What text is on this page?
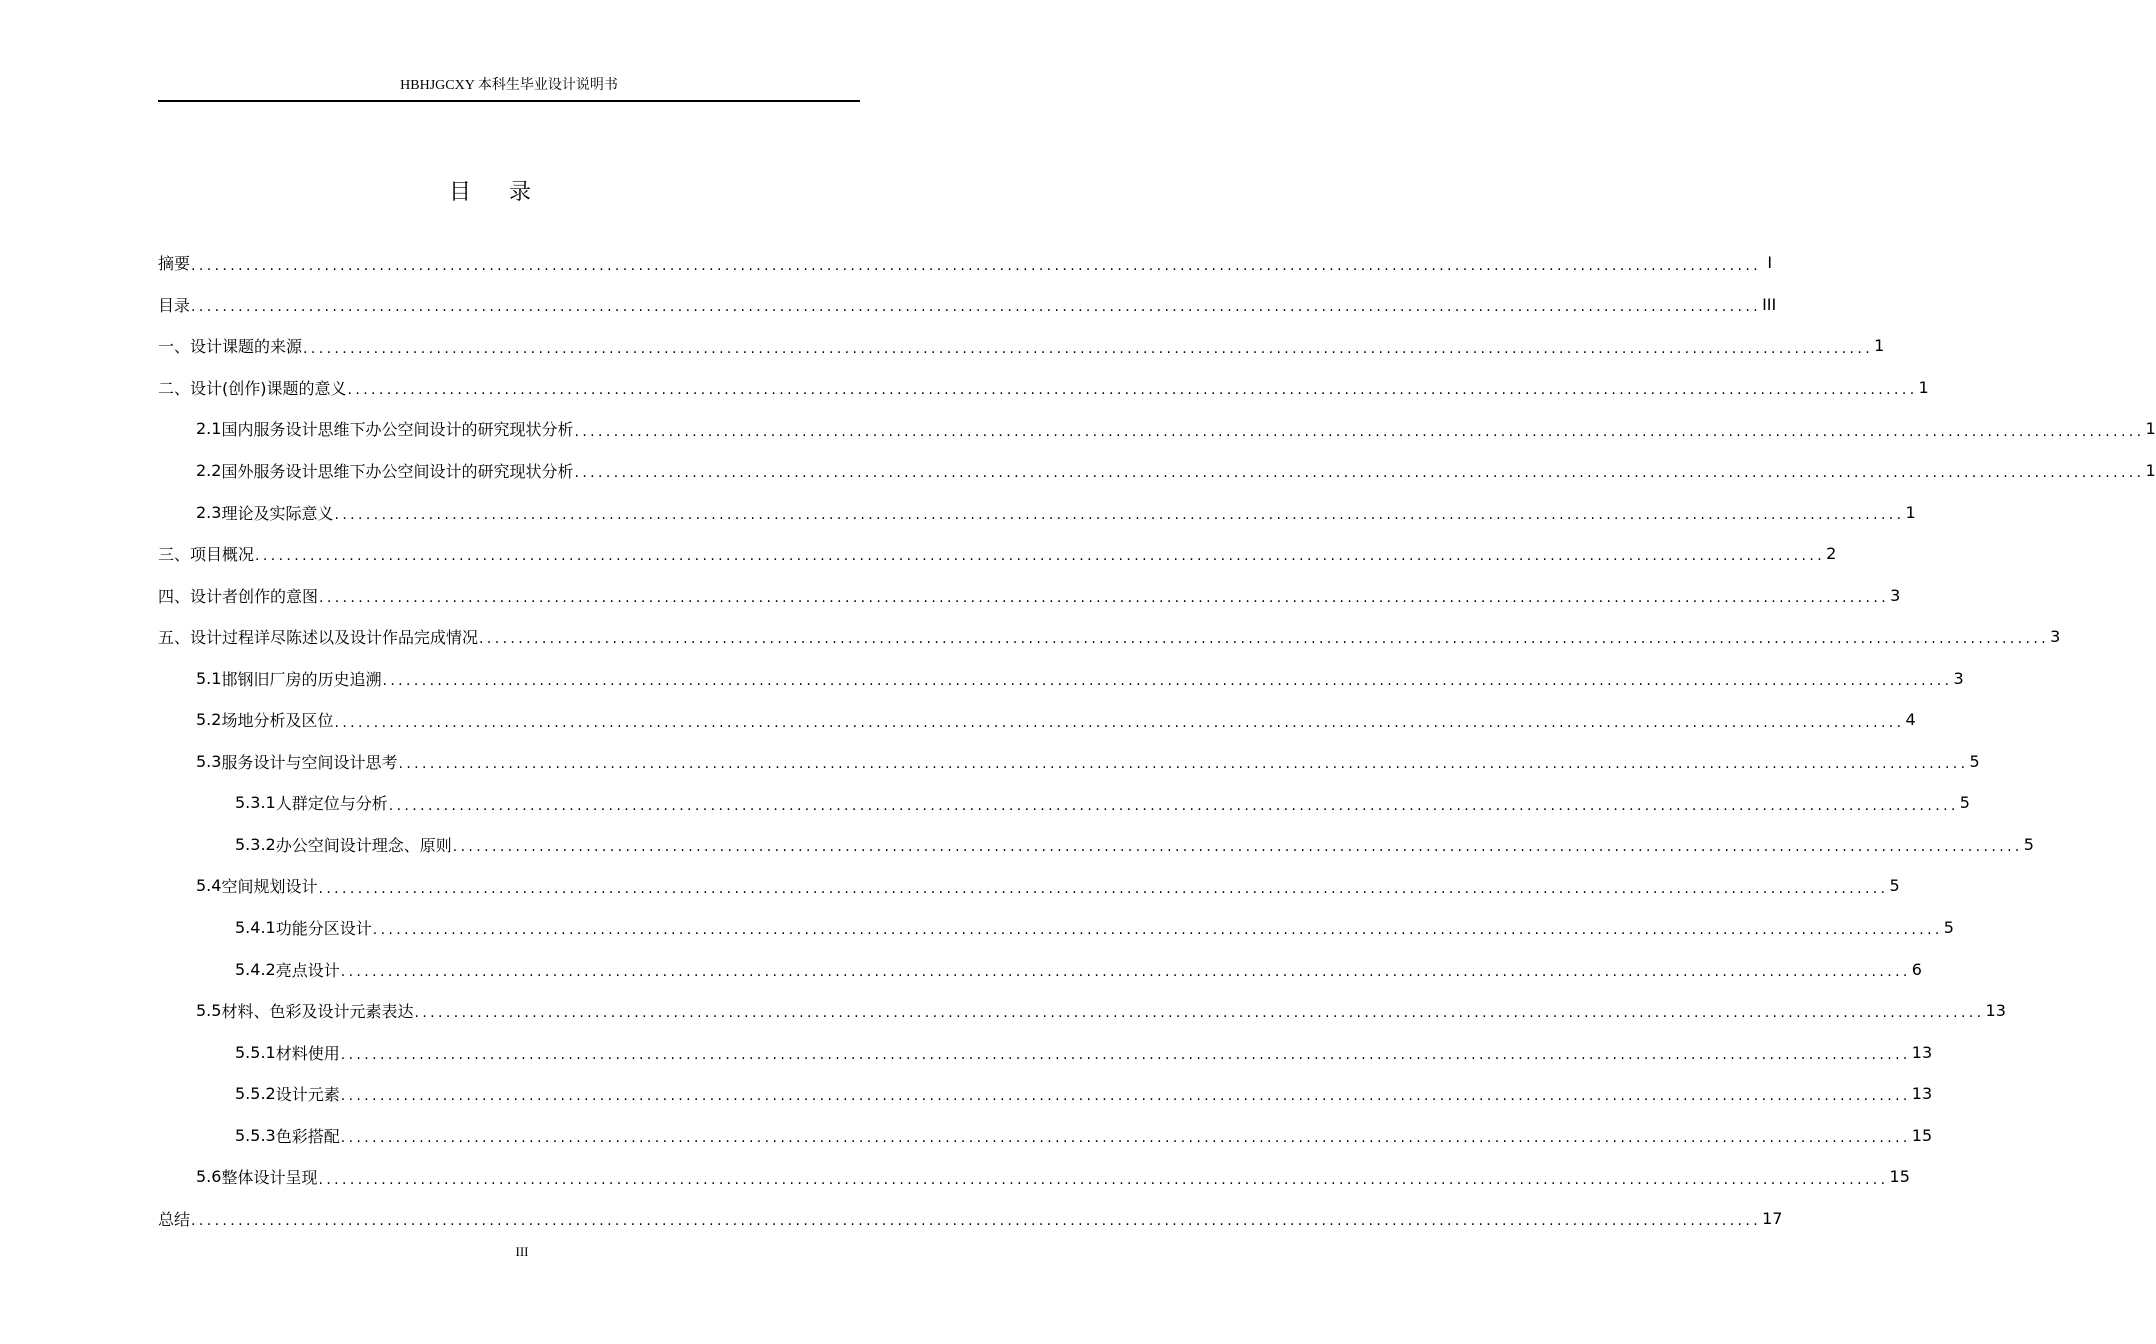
HBHJGCXY 本科生毕业设计说明书
目录
摘要 ........................................................................................................................................................................................................ I
目录 ........................................................................................................................................................................................................ III
一、设计课题的来源 ........................................................................................................................................................................................................ 1
二、设计(创作)课题的意义 ........................................................................................................................................................................................................ 1
2.1 国内服务设计思维下办公空间设计的研究现状分析 ........................................................................................................................................................................................................ 1
2.2 国外服务设计思维下办公空间设计的研究现状分析 ........................................................................................................................................................................................................ 1
2.3 理论及实际意义 ........................................................................................................................................................................................................ 1
三、项目概况 ........................................................................................................................................................................................................ 2
四、设计者创作的意图 ........................................................................................................................................................................................................ 3
五、设计过程详尽陈述以及设计作品完成情况 ........................................................................................................................................................................................................ 3
5.1 邯钢旧厂房的历史追溯 ........................................................................................................................................................................................................ 3
5.2 场地分析及区位 ........................................................................................................................................................................................................ 4
5.3 服务设计与空间设计思考 ........................................................................................................................................................................................................ 5
5.3.1 人群定位与分析 ........................................................................................................................................................................................................ 5
5.3.2 办公空间设计理念、原则 ........................................................................................................................................................................................................ 5
5.4 空间规划设计 ........................................................................................................................................................................................................ 5
5.4.1 功能分区设计 ........................................................................................................................................................................................................ 5
5.4.2 亮点设计 ........................................................................................................................................................................................................ 6
5.5 材料、色彩及设计元素表达 ........................................................................................................................................................................................................ 13
5.5.1 材料使用 ........................................................................................................................................................................................................ 13
5.5.2 设计元素 ........................................................................................................................................................................................................ 13
5.5.3 色彩搭配 ........................................................................................................................................................................................................ 15
5.6 整体设计呈现 ........................................................................................................................................................................................................ 15
总结 ........................................................................................................................................................................................................ 17
III
